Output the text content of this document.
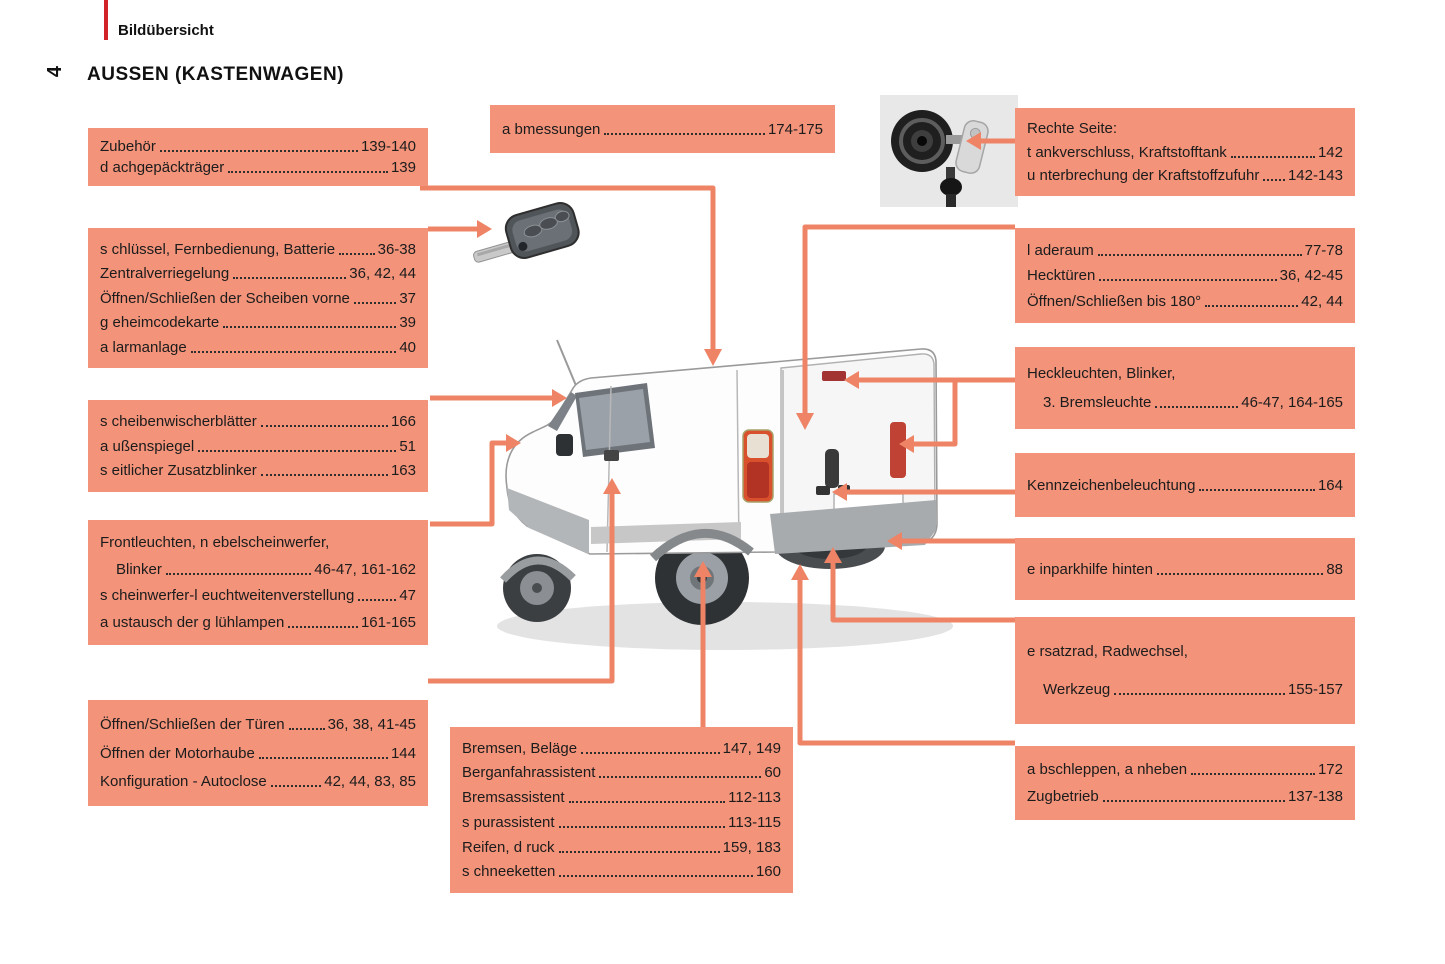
Bildübersicht
4 AUSSEN (KASTENWAGEN)
Zubehör	139-140
d achgepäckträger	139
s chlüssel, Fernbedienung, Batterie	36-38
Zentralverriegelung	36, 42, 44
Öffnen/Schließen der Scheiben vorne	37
g eheimcodekarte	39
a larmanlage	40
s cheibenwischerblätter	166
a ußenspiegel	51
s eitlicher Zusatzblinker	163
Frontleuchten, n ebelscheinwerfer,
Blinker	46-47, 161-162
s cheinwerfer-l euchtweitenverstellung	47
a ustausch der g lühlampen	161-165
Öffnen/Schließen der Türen	36, 38, 41-45
Öffnen der Motorhaube	144
Konfiguration - Autoclose	42, 44, 83, 85
a bmessungen	174-175
Bremsen, Beläge	147, 149
Berganfahrassistent	60
Bremsassistent	112-113
s purassistent	113-115
Reifen, d ruck	159, 183
s chneeketten	160
Rechte Seite:
t ankverschluss, Kraftstofftank	142
u nterbrechung der Kraftstoffzufuhr 142-143
l aderaum	77-78
Hecktüren	36, 42-45
Öffnen/Schließen bis 180°	42, 44
Heckleuchten, Blinker,
3. Bremsleuchte	46-47, 164-165
Kennzeichenbeleuchtung	164
e inparkhilfe hinten	88
e rsatzrad, Radwechsel,
Werkzeug	155-157
a bschleppen, a nheben	172
Zugbetrieb	137-138
